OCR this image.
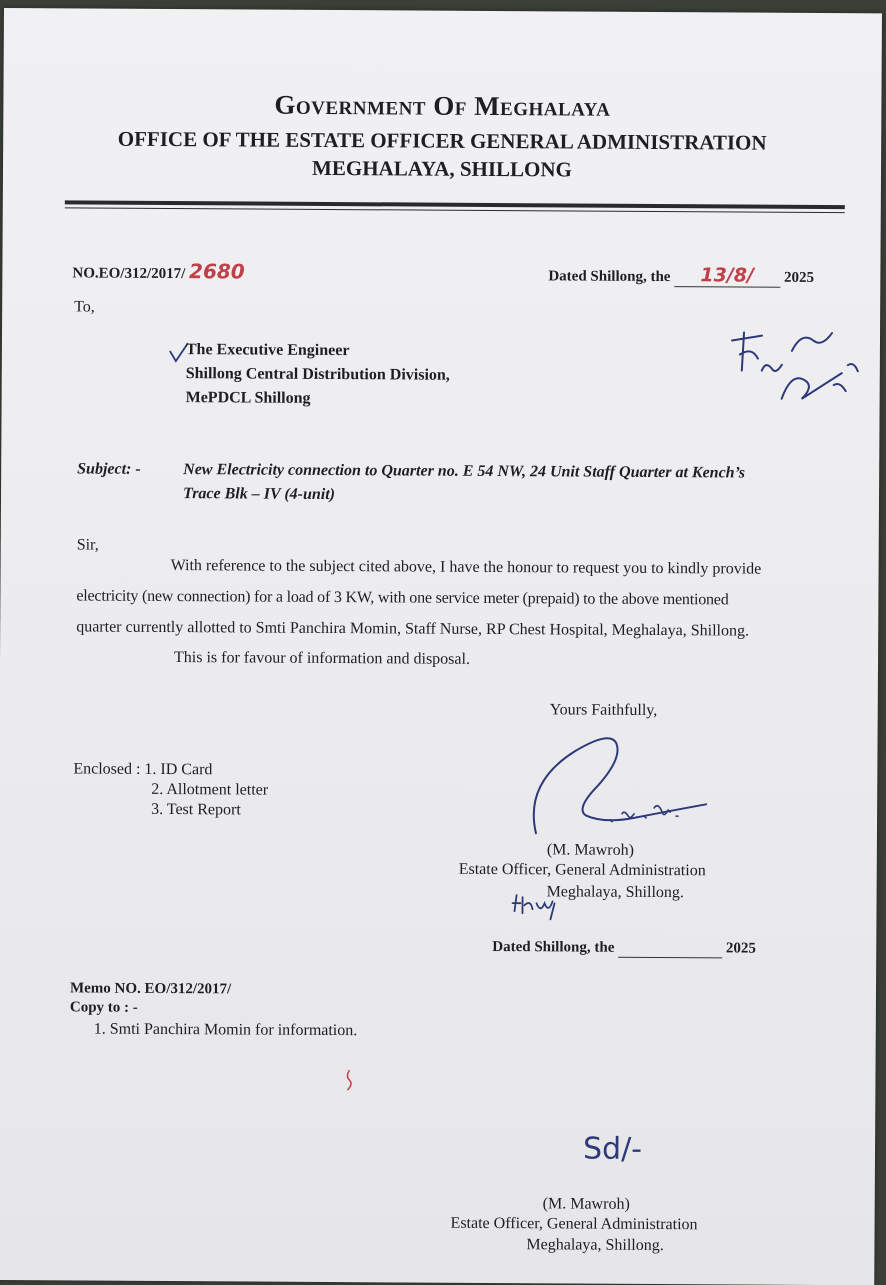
Government Of Meghalaya
OFFICE OF THE ESTATE OFFICER GENERAL ADMINISTRATION
MEGHALAYA, SHILLONG
NO.EO/312/2017/ 2680	Dated Shillong, the 13/8/ 2025
To,
The Executive Engineer
Shillong Central Distribution Division,
MePDCL Shillong
Subject: -	New Electricity connection to Quarter no. E 54 NW, 24 Unit Staff Quarter at Kench’s
Trace Blk – IV (4-unit)
Sir,
With reference to the subject cited above, I have the honour to request you to kindly provide
electricity (new connection) for a load of 3 KW, with one service meter (prepaid) to the above mentioned
quarter currently allotted to Smti Panchira Momin, Staff Nurse, RP Chest Hospital, Meghalaya, Shillong.
This is for favour of information and disposal.
Yours Faithfully,
Enclosed : 1. ID Card
2. Allotment letter
3. Test Report
(M. Mawroh)
Estate Officer, General Administration
Meghalaya, Shillong.
Dated Shillong, the	2025
Memo NO. EO/312/2017/
Copy to : -
1. Smti Panchira Momin for information.
Sd/-
(M. Mawroh)
Estate Officer, General Administration
Meghalaya, Shillong.
